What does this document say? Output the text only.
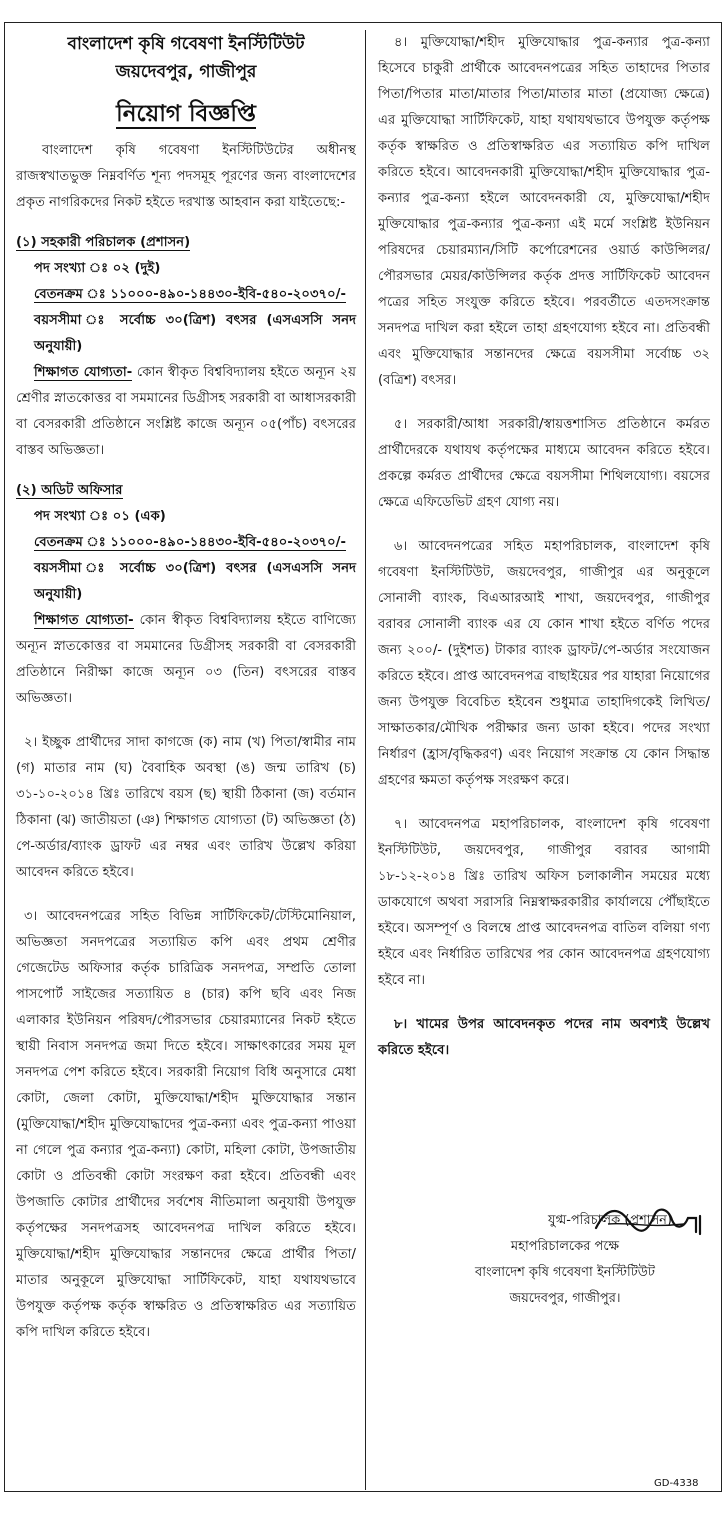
বাংলাদেশ কৃষি গবেষণা ইনস্টিটিউট
জয়দেবপুর, গাজীপুর
নিয়োগ বিজ্ঞপ্তি

বাংলাদেশ কৃষি গবেষণা ইনস্টিটিউটের অধীনস্থ রাজস্বখাতভুক্ত নিম্নবর্ণিত শূন্য পদসমূহ পূরণের জন্য বাংলাদেশের প্রকৃত নাগরিকদের নিকট হইতে দরখাস্ত আহবান করা যাইতেছে:-

(১) সহকারী পরিচালক (প্রশাসন)
পদ সংখ্যা ঃ ০২ (দুই)
বেতনক্রম ঃ ১১০০০-৪৯০-১৪৪৩০-ইবি-৫৪০-২০৩৭০/-
বয়সসীমা ঃ সর্বোচ্চ ৩০(ত্রিশ) বৎসর (এসএসসি সনদ অনুযায়ী)

শিক্ষাগত যোগ্যতা- কোন স্বীকৃত বিশ্ববিদ্যালয় হইতে অন্যূন ২য় শ্রেণীর স্নাতকোত্তর বা সমমানের ডিগ্রীসহ সরকারী বা আধাসরকারী বা বেসরকারী প্রতিষ্ঠানে সংশ্লিষ্ট কাজে অন্যূন ০৫(পাঁচ) বৎসরের বাস্তব অভিজ্ঞতা।

(২) অডিট অফিসার
পদ সংখ্যা ঃ ০১ (এক)
বেতনক্রম ঃ ১১০০০-৪৯০-১৪৪৩০-ইবি-৫৪০-২০৩৭০/-
বয়সসীমা ঃ সর্বোচ্চ ৩০(ত্রিশ) বৎসর (এসএসসি সনদ অনুযায়ী)

শিক্ষাগত যোগ্যতা- কোন স্বীকৃত বিশ্ববিদ্যালয় হইতে বাণিজ্যে অন্যূন স্নাতকোত্তর বা সমমানের ডিগ্রীসহ সরকারী বা বেসরকারী প্রতিষ্ঠানে নিরীক্ষা কাজে অন্যূন ০৩ (তিন) বৎসরের বাস্তব অভিজ্ঞতা।

২। ইচ্ছুক প্রার্থীদের সাদা কাগজে (ক) নাম (খ) পিতা/স্বামীর নাম (গ) মাতার নাম (ঘ) বৈবাহিক অবস্থা (ঙ) জন্ম তারিখ (চ) ৩১-১০-২০১৪ খ্রিঃ তারিখে বয়স (ছ) স্থায়ী ঠিকানা (জ) বর্তমান ঠিকানা (ঝ) জাতীয়তা (ঞ) শিক্ষাগত যোগ্যতা (ট) অভিজ্ঞতা (ঠ) পে-অর্ডার/ব্যাংক ড্রাফট এর নম্বর এবং তারিখ উল্লেখ করিয়া আবেদন করিতে হইবে।

৩। আবেদনপত্রের সহিত বিভিন্ন সার্টিফিকেট/টেস্টিমোনিয়াল, অভিজ্ঞতা সনদপত্রের সত্যায়িত কপি এবং প্রথম শ্রেণীর গেজেটেড অফিসার কর্তৃক চারিত্রিক সনদপত্র, সম্প্রতি তোলা পাসপোর্ট সাইজের সত্যায়িত ৪ (চার) কপি ছবি এবং নিজ এলাকার ইউনিয়ন পরিষদ/পৌরসভার চেয়ারম্যানের নিকট হইতে স্থায়ী নিবাস সনদপত্র জমা দিতে হইবে। সাক্ষাৎকারের সময় মূল সনদপত্র পেশ করিতে হইবে। সরকারী নিয়োগ বিধি অনুসারে মেধা কোটা, জেলা কোটা, মুক্তিযোদ্ধা/শহীদ মুক্তিযোদ্ধার সন্তান (মুক্তিযোদ্ধা/শহীদ মুক্তিযোদ্ধাদের পুত্র-কন্যা এবং পুত্র-কন্যা পাওয়া না গেলে পুত্র কন্যার পুত্র-কন্যা) কোটা, মহিলা কোটা, উপজাতীয় কোটা ও প্রতিবন্ধী কোটা সংরক্ষণ করা হইবে। প্রতিবন্ধী এবং উপজাতি কোটার প্রার্থীদের সর্বশেষ নীতিমালা অনুযায়ী উপযুক্ত কর্তৃপক্ষের সনদপত্রসহ আবেদনপত্র দাখিল করিতে হইবে। মুক্তিযোদ্ধা/শহীদ মুক্তিযোদ্ধার সন্তানদের ক্ষেত্রে প্রার্থীর পিতা/মাতার অনুকূলে মুক্তিযোদ্ধা সার্টিফিকেট, যাহা যথাযথভাবে উপযুক্ত কর্তৃপক্ষ কর্তৃক স্বাক্ষরিত ও প্রতিস্বাক্ষরিত এর সত্যায়িত কপি দাখিল করিতে হইবে।

৪। মুক্তিযোদ্ধা/শহীদ মুক্তিযোদ্ধার পুত্র-কন্যার পুত্র-কন্যা হিসেবে চাকুরী প্রার্থীকে আবেদনপত্রের সহিত তাহাদের পিতার পিতা/পিতার মাতা/মাতার পিতা/মাতার মাতা (প্রযোজ্য ক্ষেত্রে) এর মুক্তিযোদ্ধা সার্টিফিকেট, যাহা যথাযথভাবে উপযুক্ত কর্তৃপক্ষ কর্তৃক স্বাক্ষরিত ও প্রতিস্বাক্ষরিত এর সত্যায়িত কপি দাখিল করিতে হইবে। আবেদনকারী মুক্তিযোদ্ধা/শহীদ মুক্তিযোদ্ধার পুত্র-কন্যার পুত্র-কন্যা হইলে আবেদনকারী যে, মুক্তিযোদ্ধা/শহীদ মুক্তিযোদ্ধার পুত্র-কন্যার পুত্র-কন্যা এই মর্মে সংশ্লিষ্ট ইউনিয়ন পরিষদের চেয়ারম্যান/সিটি কর্পোরেশনের ওয়ার্ড কাউন্সিলর/পৌরসভার মেয়র/কাউন্সিলর কর্তৃক প্রদত্ত সার্টিফিকেট আবেদন পত্রের সহিত সংযুক্ত করিতে হইবে। পরবর্তীতে এতদসংক্রান্ত সনদপত্র দাখিল করা হইলে তাহা গ্রহণযোগ্য হইবে না। প্রতিবন্ধী এবং মুক্তিযোদ্ধার সন্তানদের ক্ষেত্রে বয়সসীমা সর্বোচ্চ ৩২ (বত্রিশ) বৎসর।

৫। সরকারী/আধা সরকারী/স্বায়ত্তশাসিত প্রতিষ্ঠানে কর্মরত প্রার্থীদেরকে যথাযথ কর্তৃপক্ষের মাধ্যমে আবেদন করিতে হইবে। প্রকল্পে কর্মরত প্রার্থীদের ক্ষেত্রে বয়সসীমা শিথিলযোগ্য। বয়সের ক্ষেত্রে এফিডেভিট গ্রহণ যোগ্য নয়।

৬। আবেদনপত্রের সহিত মহাপরিচালক, বাংলাদেশ কৃষি গবেষণা ইনস্টিটিউট, জয়দেবপুর, গাজীপুর এর অনুকূলে সোনালী ব্যাংক, বিএআরআই শাখা, জয়দেবপুর, গাজীপুর বরাবর সোনালী ব্যাংক এর যে কোন শাখা হইতে বর্ণিত পদের জন্য ২০০/- (দুইশত) টাকার ব্যাংক ড্রাফট/পে-অর্ডার সংযোজন করিতে হইবে। প্রাপ্ত আবেদনপত্র বাছাইয়ের পর যাহারা নিয়োগের জন্য উপযুক্ত বিবেচিত হইবেন শুধুমাত্র তাহাদিগকেই লিখিত/সাক্ষাতকার/মৌখিক পরীক্ষার জন্য ডাকা হইবে। পদের সংখ্যা নির্ধারণ (হ্রাস/বৃদ্ধিকরণ) এবং নিয়োগ সংক্রান্ত যে কোন সিদ্ধান্ত গ্রহণের ক্ষমতা কর্তৃপক্ষ সংরক্ষণ করে।

৭। আবেদনপত্র মহাপরিচালক, বাংলাদেশ কৃষি গবেষণা ইনস্টিটিউট, জয়দেবপুর, গাজীপুর বরাবর আগামী ১৮-১২-২০১৪ খ্রিঃ তারিখ অফিস চলাকালীন সময়ের মধ্যে ডাকযোগে অথবা সরাসরি নিম্নস্বাক্ষরকারীর কার্যালয়ে পৌঁছাইতে হইবে। অসম্পূর্ণ ও বিলম্বে প্রাপ্ত আবেদনপত্র বাতিল বলিয়া গণ্য হইবে এবং নির্ধারিত তারিখের পর কোন আবেদনপত্র গ্রহণযোগ্য হইবে না।

৮। খামের উপর আবেদনকৃত পদের নাম অবশ্যই উল্লেখ করিতে হইবে।

যুগ্ম-পরিচালক (প্রশাসন)
মহাপরিচালকের পক্ষে
বাংলাদেশ কৃষি গবেষণা ইনস্টিটিউট
জয়দেবপুর, গাজীপুর।
GD-4338
